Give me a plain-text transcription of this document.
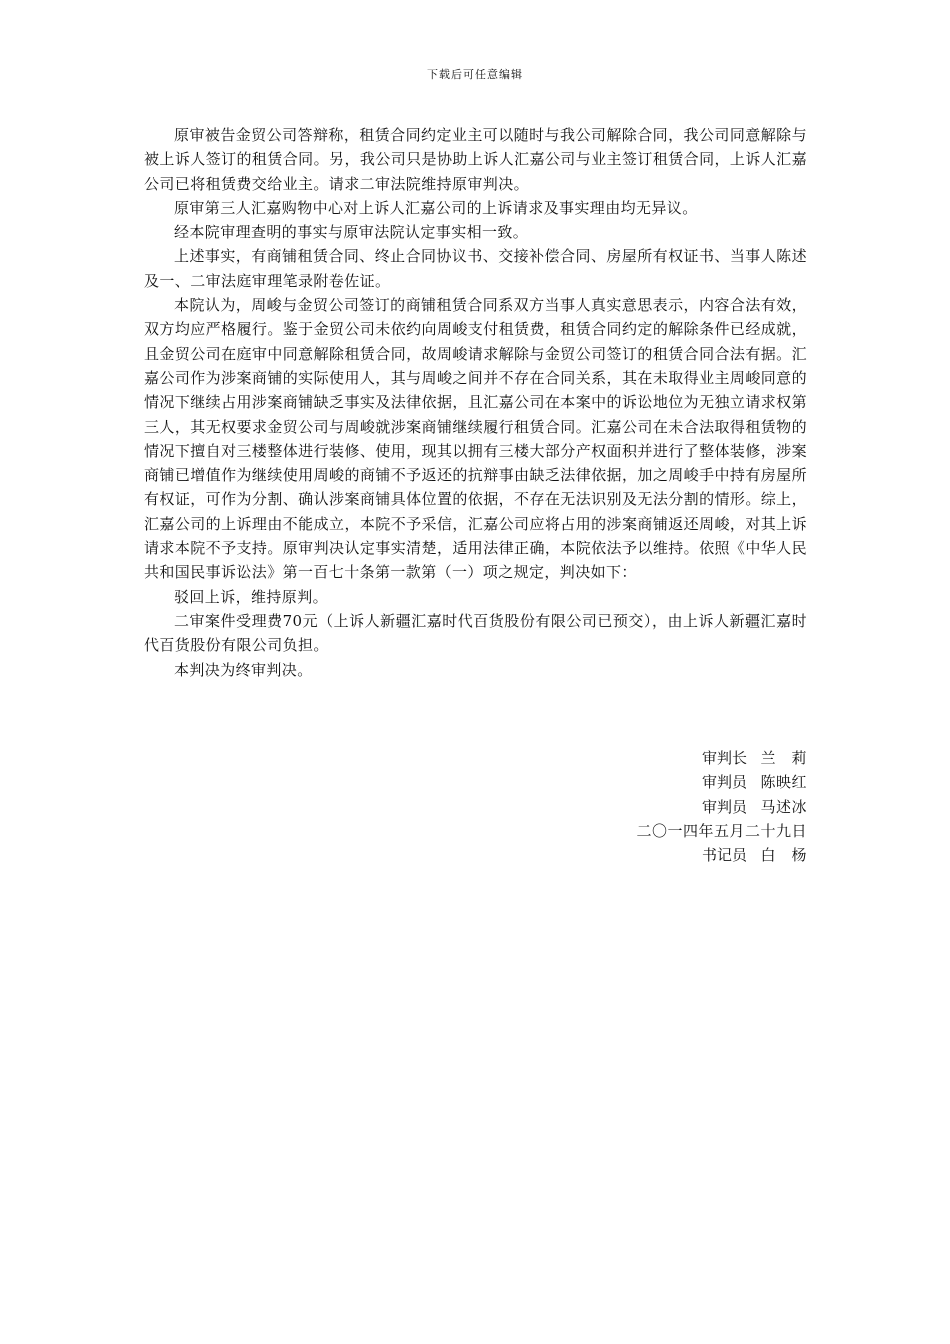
下载后可任意编辑

原审被告金贸公司答辩称，租赁合同约定业主可以随时与我公司解除合同，我公司同意解除与被上诉人签订的租赁合同。另，我公司只是协助上诉人汇嘉公司与业主签订租赁合同，上诉人汇嘉公司已将租赁费交给业主。请求二审法院维持原审判决。

原审第三人汇嘉购物中心对上诉人汇嘉公司的上诉请求及事实理由均无异议。

经本院审理查明的事实与原审法院认定事实相一致。

上述事实，有商铺租赁合同、终止合同协议书、交接补偿合同、房屋所有权证书、当事人陈述及一、二审法庭审理笔录附卷佐证。

本院认为，周峻与金贸公司签订的商铺租赁合同系双方当事人真实意思表示，内容合法有效，双方均应严格履行。鉴于金贸公司未依约向周峻支付租赁费，租赁合同约定的解除条件已经成就，且金贸公司在庭审中同意解除租赁合同，故周峻请求解除与金贸公司签订的租赁合同合法有据。汇嘉公司作为涉案商铺的实际使用人，其与周峻之间并不存在合同关系，其在未取得业主周峻同意的情况下继续占用涉案商铺缺乏事实及法律依据，且汇嘉公司在本案中的诉讼地位为无独立请求权第三人，其无权要求金贸公司与周峻就涉案商铺继续履行租赁合同。汇嘉公司在未合法取得租赁物的情况下擅自对三楼整体进行装修、使用，现其以拥有三楼大部分产权面积并进行了整体装修，涉案商铺已增值作为继续使用周峻的商铺不予返还的抗辩事由缺乏法律依据，加之周峻手中持有房屋所有权证，可作为分割、确认涉案商铺具体位置的依据，不存在无法识别及无法分割的情形。综上，汇嘉公司的上诉理由不能成立，本院不予采信，汇嘉公司应将占用的涉案商铺返还周峻，对其上诉请求本院不予支持。原审判决认定事实清楚，适用法律正确，本院依法予以维持。依照《中华人民共和国民事诉讼法》第一百七十条第一款第（一）项之规定，判决如下：

驳回上诉，维持原判。

二审案件受理费70元（上诉人新疆汇嘉时代百货股份有限公司已预交），由上诉人新疆汇嘉时代百货股份有限公司负担。

本判决为终审判决。

审判长 兰　莉
审判员 陈映红
审判员 马述冰
二〇一四年五月二十九日
书记员 白　杨
